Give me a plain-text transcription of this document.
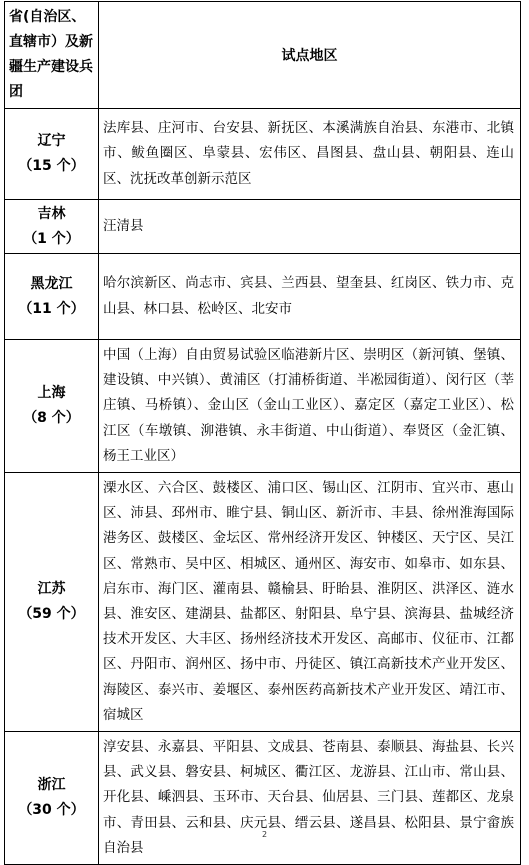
省(自治区、直辖市）及新疆生产建设兵团	试点地区

辽宁
（15 个）	法库县、庄河市、台安县、新抚区、本溪满族自治县、东港市、北镇市、鲅鱼圈区、阜蒙县、宏伟区、昌图县、盘山县、朝阳县、连山区、沈抚改革创新示范区

吉林
（1 个）	汪清县

黑龙江
（11 个）	哈尔滨新区、尚志市、宾县、兰西县、望奎县、红岗区、铁力市、克山县、林口县、松岭区、北安市

上海
（8 个）	中国（上海）自由贸易试验区临港新片区、崇明区（新河镇、堡镇、建设镇、中兴镇）、黄浦区（打浦桥街道、半凇园街道）、闵行区（莘庄镇、马桥镇）、金山区（金山工业区）、嘉定区（嘉定工业区）、松江区（车墩镇、泖港镇、永丰街道、中山街道）、奉贤区（金汇镇、杨王工业区）

江苏
（59 个）	溧水区、六合区、鼓楼区、浦口区、锡山区、江阴市、宜兴市、惠山区、沛县、邳州市、睢宁县、铜山区、新沂市、丰县、徐州淮海国际港务区、鼓楼区、金坛区、常州经济开发区、钟楼区、天宁区、吴江区、常熟市、吴中区、相城区、通州区、海安市、如皋市、如东县、启东市、海门区、灌南县、赣榆县、盱眙县、淮阴区、洪泽区、涟水县、淮安区、建湖县、盐都区、射阳县、阜宁县、滨海县、盐城经济技术开发区、大丰区、扬州经济技术开发区、高邮市、仪征市、江都区、丹阳市、润州区、扬中市、丹徒区、镇江高新技术产业开发区、海陵区、泰兴市、姜堰区、泰州医药高新技术产业开发区、靖江市、宿城区

浙江
（30 个）	淳安县、永嘉县、平阳县、文成县、苍南县、泰顺县、海盐县、长兴县、武义县、磐安县、柯城区、衢江区、龙游县、江山市、常山县、开化县、嵊泗县、玉环市、天台县、仙居县、三门县、莲都区、龙泉市、青田县、云和县、庆元县、缙云县、遂昌县、松阳县、景宁畲族自治县
2
